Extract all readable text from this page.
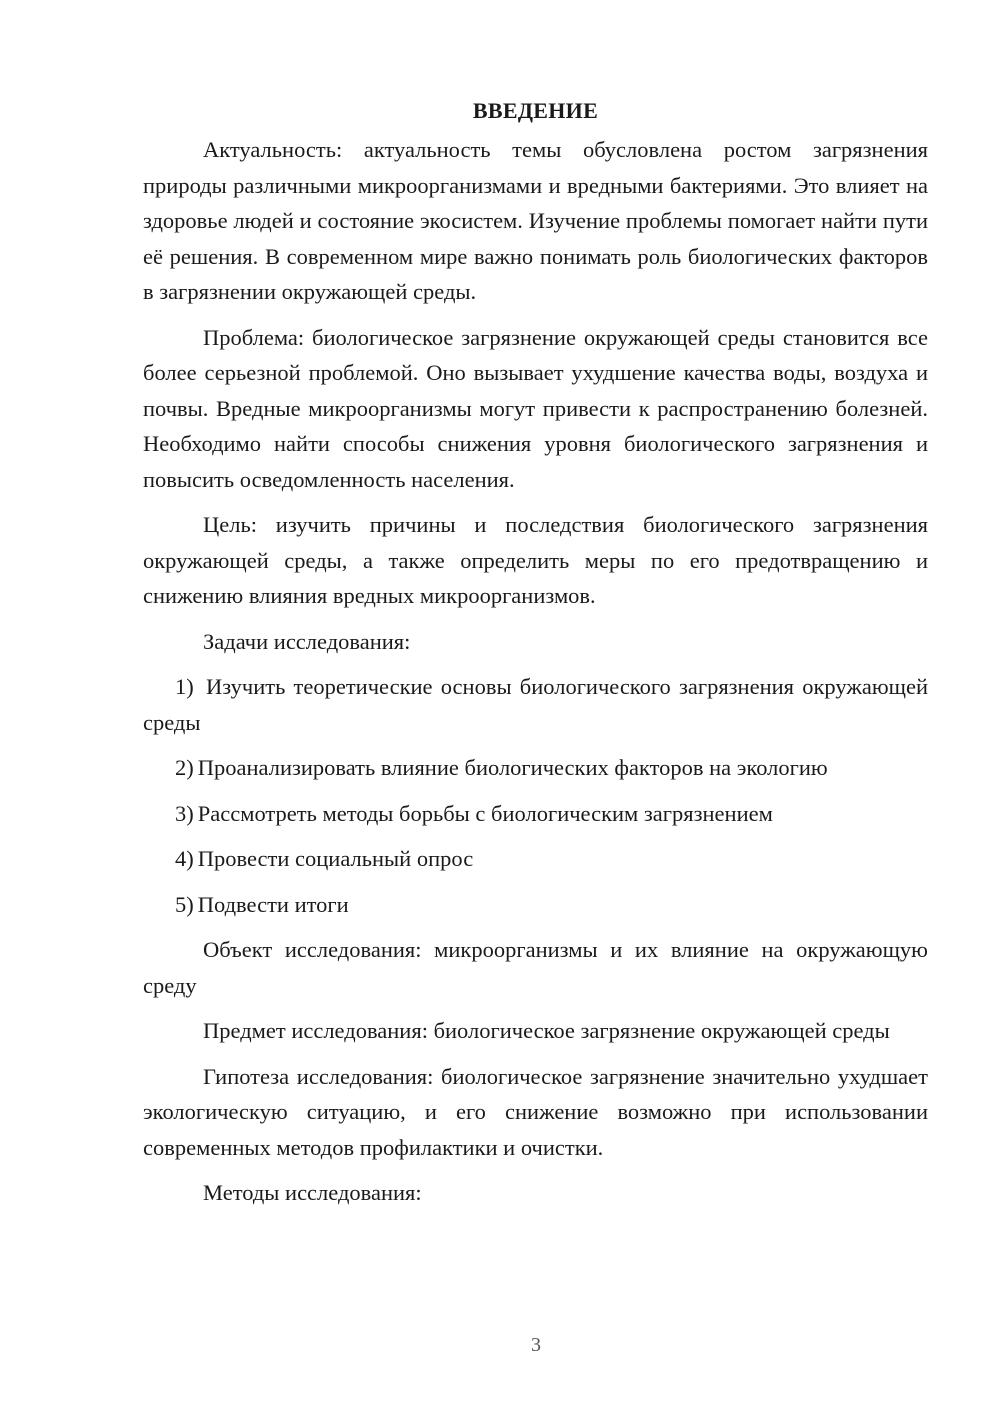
ВВЕДЕНИЕ

Актуальность: актуальность темы обусловлена ростом загрязнения природы различными микроорганизмами и вредными бактериями. Это влияет на здоровье людей и состояние экосистем. Изучение проблемы помогает найти пути её решения. В современном мире важно понимать роль биологических факторов в загрязнении окружающей среды.

Проблема: биологическое загрязнение окружающей среды становится все более серьезной проблемой. Оно вызывает ухудшение качества воды, воздуха и почвы. Вредные микроорганизмы могут привести к распространению болезней. Необходимо найти способы снижения уровня биологического загрязнения и повысить осведомленность населения.

Цель: изучить причины и последствия биологического загрязнения окружающей среды, а также определить меры по его предотвращению и снижению влияния вредных микроорганизмов.

Задачи исследования:

1) Изучить теоретические основы биологического загрязнения окружающей среды

2) Проанализировать влияние биологических факторов на экологию

3) Рассмотреть методы борьбы с биологическим загрязнением

4) Провести социальный опрос

5) Подвести итоги

Объект исследования: микроорганизмы и их влияние на окружающую среду

Предмет исследования: биологическое загрязнение окружающей среды

Гипотеза исследования: биологическое загрязнение значительно ухудшает экологическую ситуацию, и его снижение возможно при использовании современных методов профилактики и очистки.

Методы исследования:

3
